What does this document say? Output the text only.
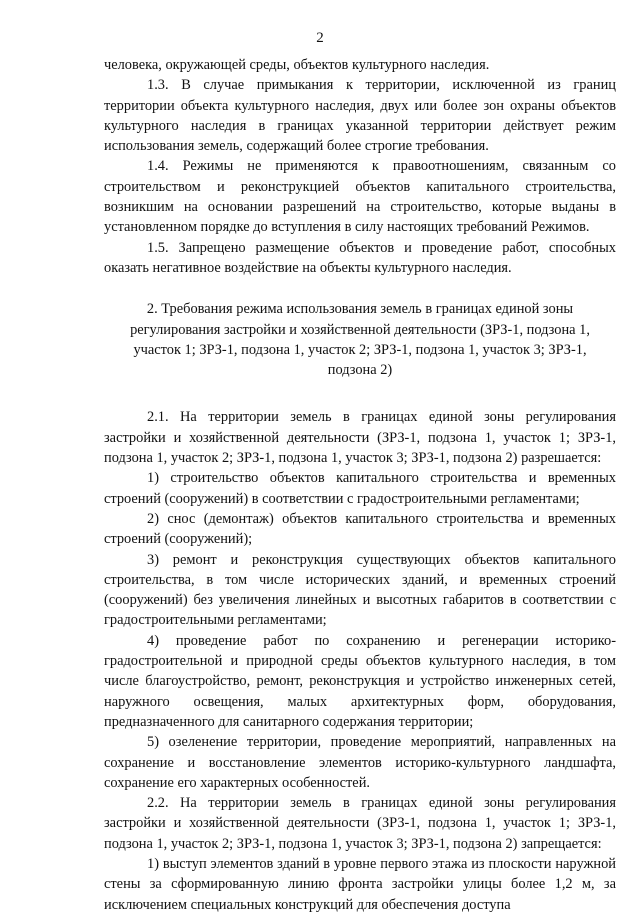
2

человека, окружающей среды, объектов культурного наследия.

1.3. В случае примыкания к территории, исключенной из границ территории объекта культурного наследия, двух или более зон охраны объектов культурного наследия в границах указанной территории действует режим использования земель, содержащий более строгие требования.

1.4. Режимы не применяются к правоотношениям, связанным со строительством и реконструкцией объектов капитального строительства, возникшим на основании разрешений на строительство, которые выданы в установленном порядке до вступления в силу настоящих требований Режимов.

1.5. Запрещено размещение объектов и проведение работ, способных оказать негативное воздействие на объекты культурного наследия.

2. Требования режима использования земель в границах единой зоны регулирования застройки и хозяйственной деятельности (ЗРЗ-1, подзона 1, участок 1; ЗРЗ-1, подзона 1, участок 2; ЗРЗ-1, подзона 1, участок 3; ЗРЗ-1, подзона 2)

2.1. На территории земель в границах единой зоны регулирования застройки и хозяйственной деятельности (ЗРЗ-1, подзона 1, участок 1; ЗРЗ-1, подзона 1, участок 2; ЗРЗ-1, подзона 1, участок 3; ЗРЗ-1, подзона 2) разрешается:

1) строительство объектов капитального строительства и временных строений (сооружений) в соответствии с градостроительными регламентами;

2) снос (демонтаж) объектов капитального строительства и временных строений (сооружений);

3) ремонт и реконструкция существующих объектов капитального строительства, в том числе исторических зданий, и временных строений (сооружений) без увеличения линейных и высотных габаритов в соответствии с градостроительными регламентами;

4) проведение работ по сохранению и регенерации историко-градостроительной и природной среды объектов культурного наследия, в том числе благоустройство, ремонт, реконструкция и устройство инженерных сетей, наружного освещения, малых архитектурных форм, оборудования, предназначенного для санитарного содержания территории;

5) озеленение территории, проведение мероприятий, направленных на сохранение и восстановление элементов историко-культурного ландшафта, сохранение его характерных особенностей.

2.2. На территории земель в границах единой зоны регулирования застройки и хозяйственной деятельности (ЗРЗ-1, подзона 1, участок 1; ЗРЗ-1, подзона 1, участок 2; ЗРЗ-1, подзона 1, участок 3; ЗРЗ-1, подзона 2) запрещается:

1) выступ элементов зданий в уровне первого этажа из плоскости наружной стены за сформированную линию фронта застройки улицы более 1,2 м, за исключением специальных конструкций для обеспечения доступа
